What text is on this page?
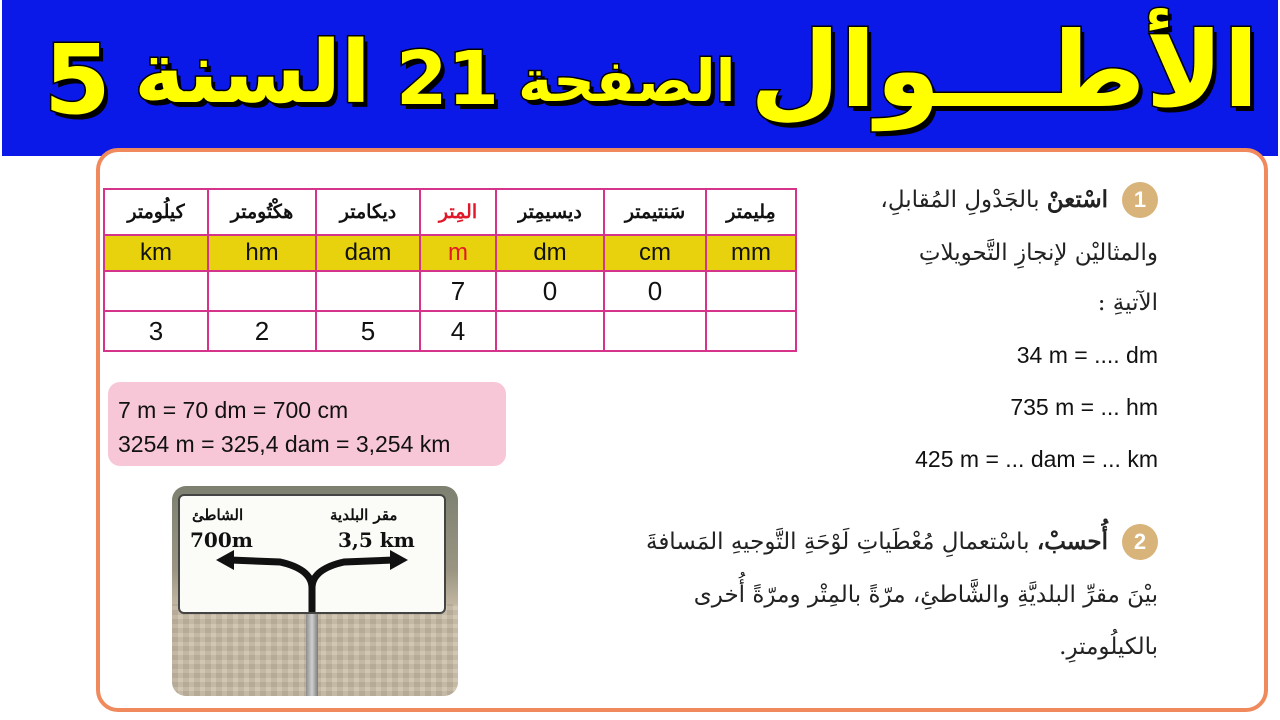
5 السنة 21 الصفحة الأطـــوال
كيلُومتر	هكْتُومتر	ديكامتر	المِتر	ديسيمِتر	سَنتيمتر	مِليمتر
km	hm	dam	m	dm	cm	mm
			7	0	0	
3	2	5	4			
7 m = 70 dm = 700 cm
3254 m = 325,4 dam = 3,254 km
1
اسْتعنْ بالجَدْولِ المُقابلِ،
والمثاليْن لإنجازِ التَّحويلاتِ
الآتيةِ :
34 m = .... dm
735 m = ... hm
425 m = ... dam = ... km
2
أُحسبْ، باسْتعمالِ مُعْطَياتِ لَوْحَةِ التَّوجيهِ المَسافةَ
بيْنَ مقرِّ البلديَّةِ والشَّاطئِ، مرّةً بالمِتْر ومرّةً أُخرى
بالكيلُومترِ.
الشاطئ
700m
مقر البلدية
3,5 km
